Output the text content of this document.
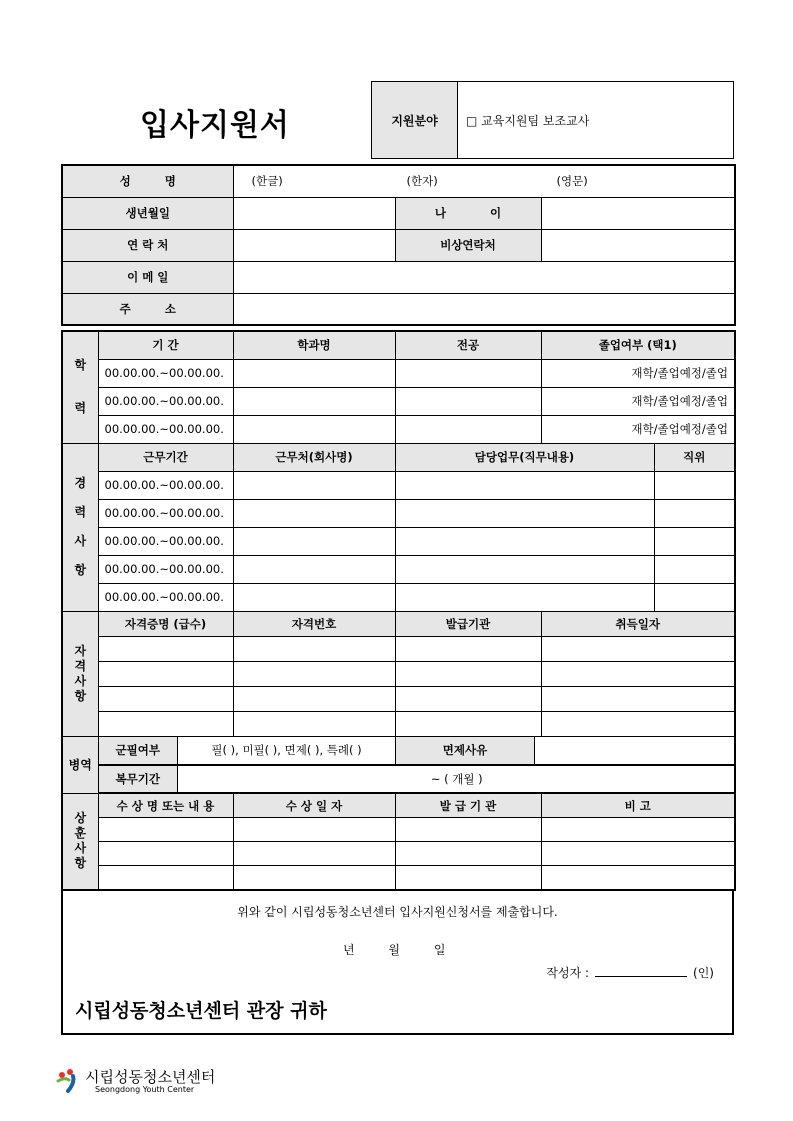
입사지원서	지원분야	□ 교육지원팀 보조교사
성 명	(한글) (한자) (영문)		
생년월일		나 이	
연 락 처		비상연락처	
이 메 일			
주 소			
학

력
	기 간	학과명	전공	졸업여부 (택1)
00.00.00.~00.00.00.			재학/졸업예정/졸업
00.00.00.~00.00.00.			재학/졸업예정/졸업
00.00.00.~00.00.00.			재학/졸업예정/졸업

경

력

사

항
	근무기간	근무처(회사명)	담당업무(직무내용)	직위
00.00.00.~00.00.00.			
00.00.00.~00.00.00.			
00.00.00.~00.00.00.			
00.00.00.~00.00.00.			
00.00.00.~00.00.00.			

자
격
사
항
	자격증명 (급수)	자격번호	발급기관	취득일자

병역	
군필여부	필( ), 미필( ), 면제( ), 특례( )	면제사유	

복무기간	~ ( 개월 )

상
훈
사
항
	수 상 명 또는 내 용	수 상 일 자	발 급 기 관	비 고

위와 같이 시립성동청소년센터 입사지원신청서를 제출합니다.
년 월 일
작성자 :	(인)
시립성동청소년센터 관장 귀하
시립성동청소년센터
Seongdong Youth Center
